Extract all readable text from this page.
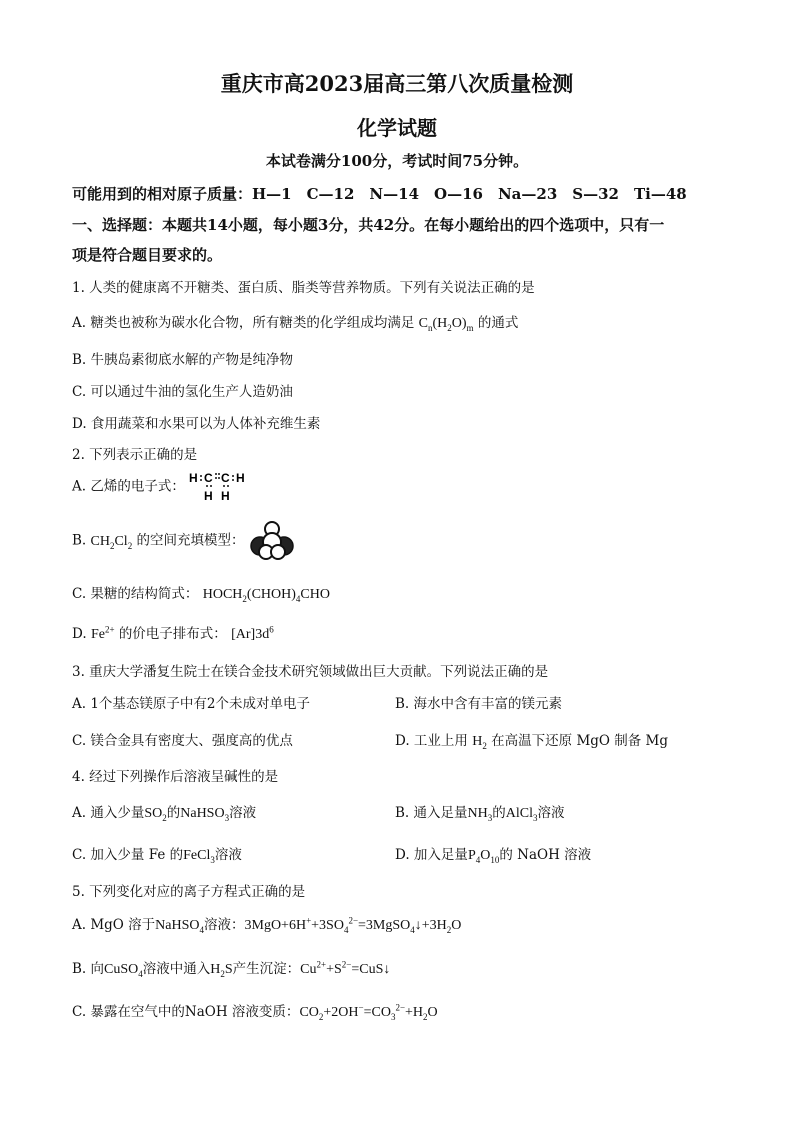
重庆市高2023届高三第八次质量检测
化学试题
本试卷满分100分，考试时间75分钟。
可能用到的相对原子质量：H—1　C—12　N—14　O—16　Na—23　S—32　Ti—48
一、选择题：本题共14小题，每小题3分，共42分。在每小题给出的四个选项中，只有一
项是符合题目要求的。
1. 人类的健康离不开糖类、蛋白质、脂类等营养物质。下列有关说法正确的是
A. 糖类也被称为碳水化合物，所有糖类的化学组成均满足 $C_n(H_2O)_m$ 的通式
B. 牛胰岛素彻底水解的产物是纯净物
C. 可以通过牛油的氢化生产人造奶油
D. 食用蔬菜和水果可以为人体补充维生素
2. 下列表示正确的是
A. 乙烯的电子式：
H C C H
H H
B. $CH_2Cl_2$ 的空间充填模型：
C. 果糖的结构简式： $HOCH_2(CHOH)_4CHO$
D. $Fe^{2+}$ 的价电子排布式： $[Ar]3d^6$
3. 重庆大学潘复生院士在镁合金技术研究领域做出巨大贡献。下列说法正确的是
A. 1个基态镁原子中有2个未成对单电子	B. 海水中含有丰富的镁元素
C. 镁合金具有密度大、强度高的优点	D. 工业上用 $H_2$ 在高温下还原 MgO 制备 Mg
4. 经过下列操作后溶液呈碱性的是
A. 通入少量$SO_2$的NaHSO$_3$溶液	B. 通入足量$NH_3$的AlCl$_3$溶液
C. 加入少量 Fe 的FeCl$_3$溶液	D. 加入足量$P_4O_{10}$的 NaOH 溶液
5. 下列变化对应的离子方程式正确的是
A. MgO 溶于NaHSO$_4$溶液：$3MgO+6H^++3SO_4^{2-}=3MgSO_4↓+3H_2O$
B. 向CuSO$_4$溶液中通入$H_2S$产生沉淀：$Cu^{2+}+S^{2-}=CuS↓$
C. 暴露在空气中的NaOH 溶液变质：$CO_2+2OH^-=CO_3^{2-}+H_2O$
